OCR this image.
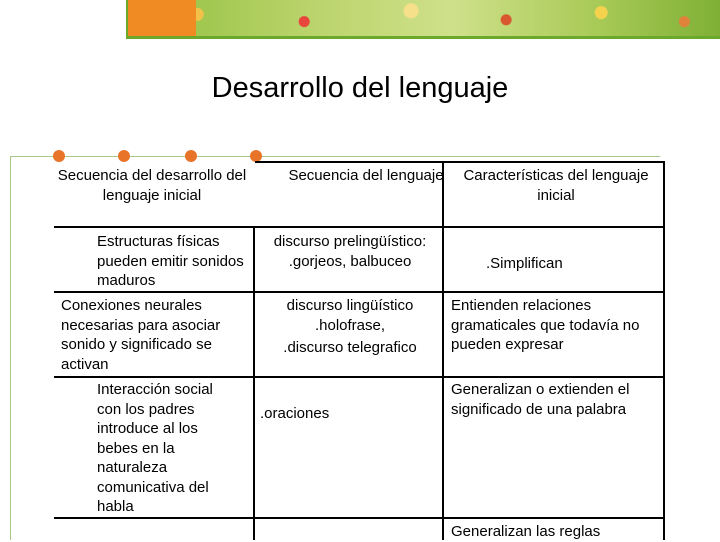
Desarrollo del lenguaje
Secuencia del desarrollo del lenguaje inicial
Secuencia del lenguaje	Características del lenguaje inicial
Estructuras físicas pueden emitir sonidos maduros
discurso prelingüístico: .gorjeos, balbuceo	.Simplifican
Conexiones neurales necesarias para asociar sonido y significado se activan
discurso lingüístico .holofrase,
.discurso telegrafico
Entienden relaciones gramaticales que todavía no pueden expresar
Interacción social con los padres introduce al los bebes en la naturaleza comunicativa del habla
.oraciones
Generalizan o extienden el significado de una palabra
Generalizan las reglas
